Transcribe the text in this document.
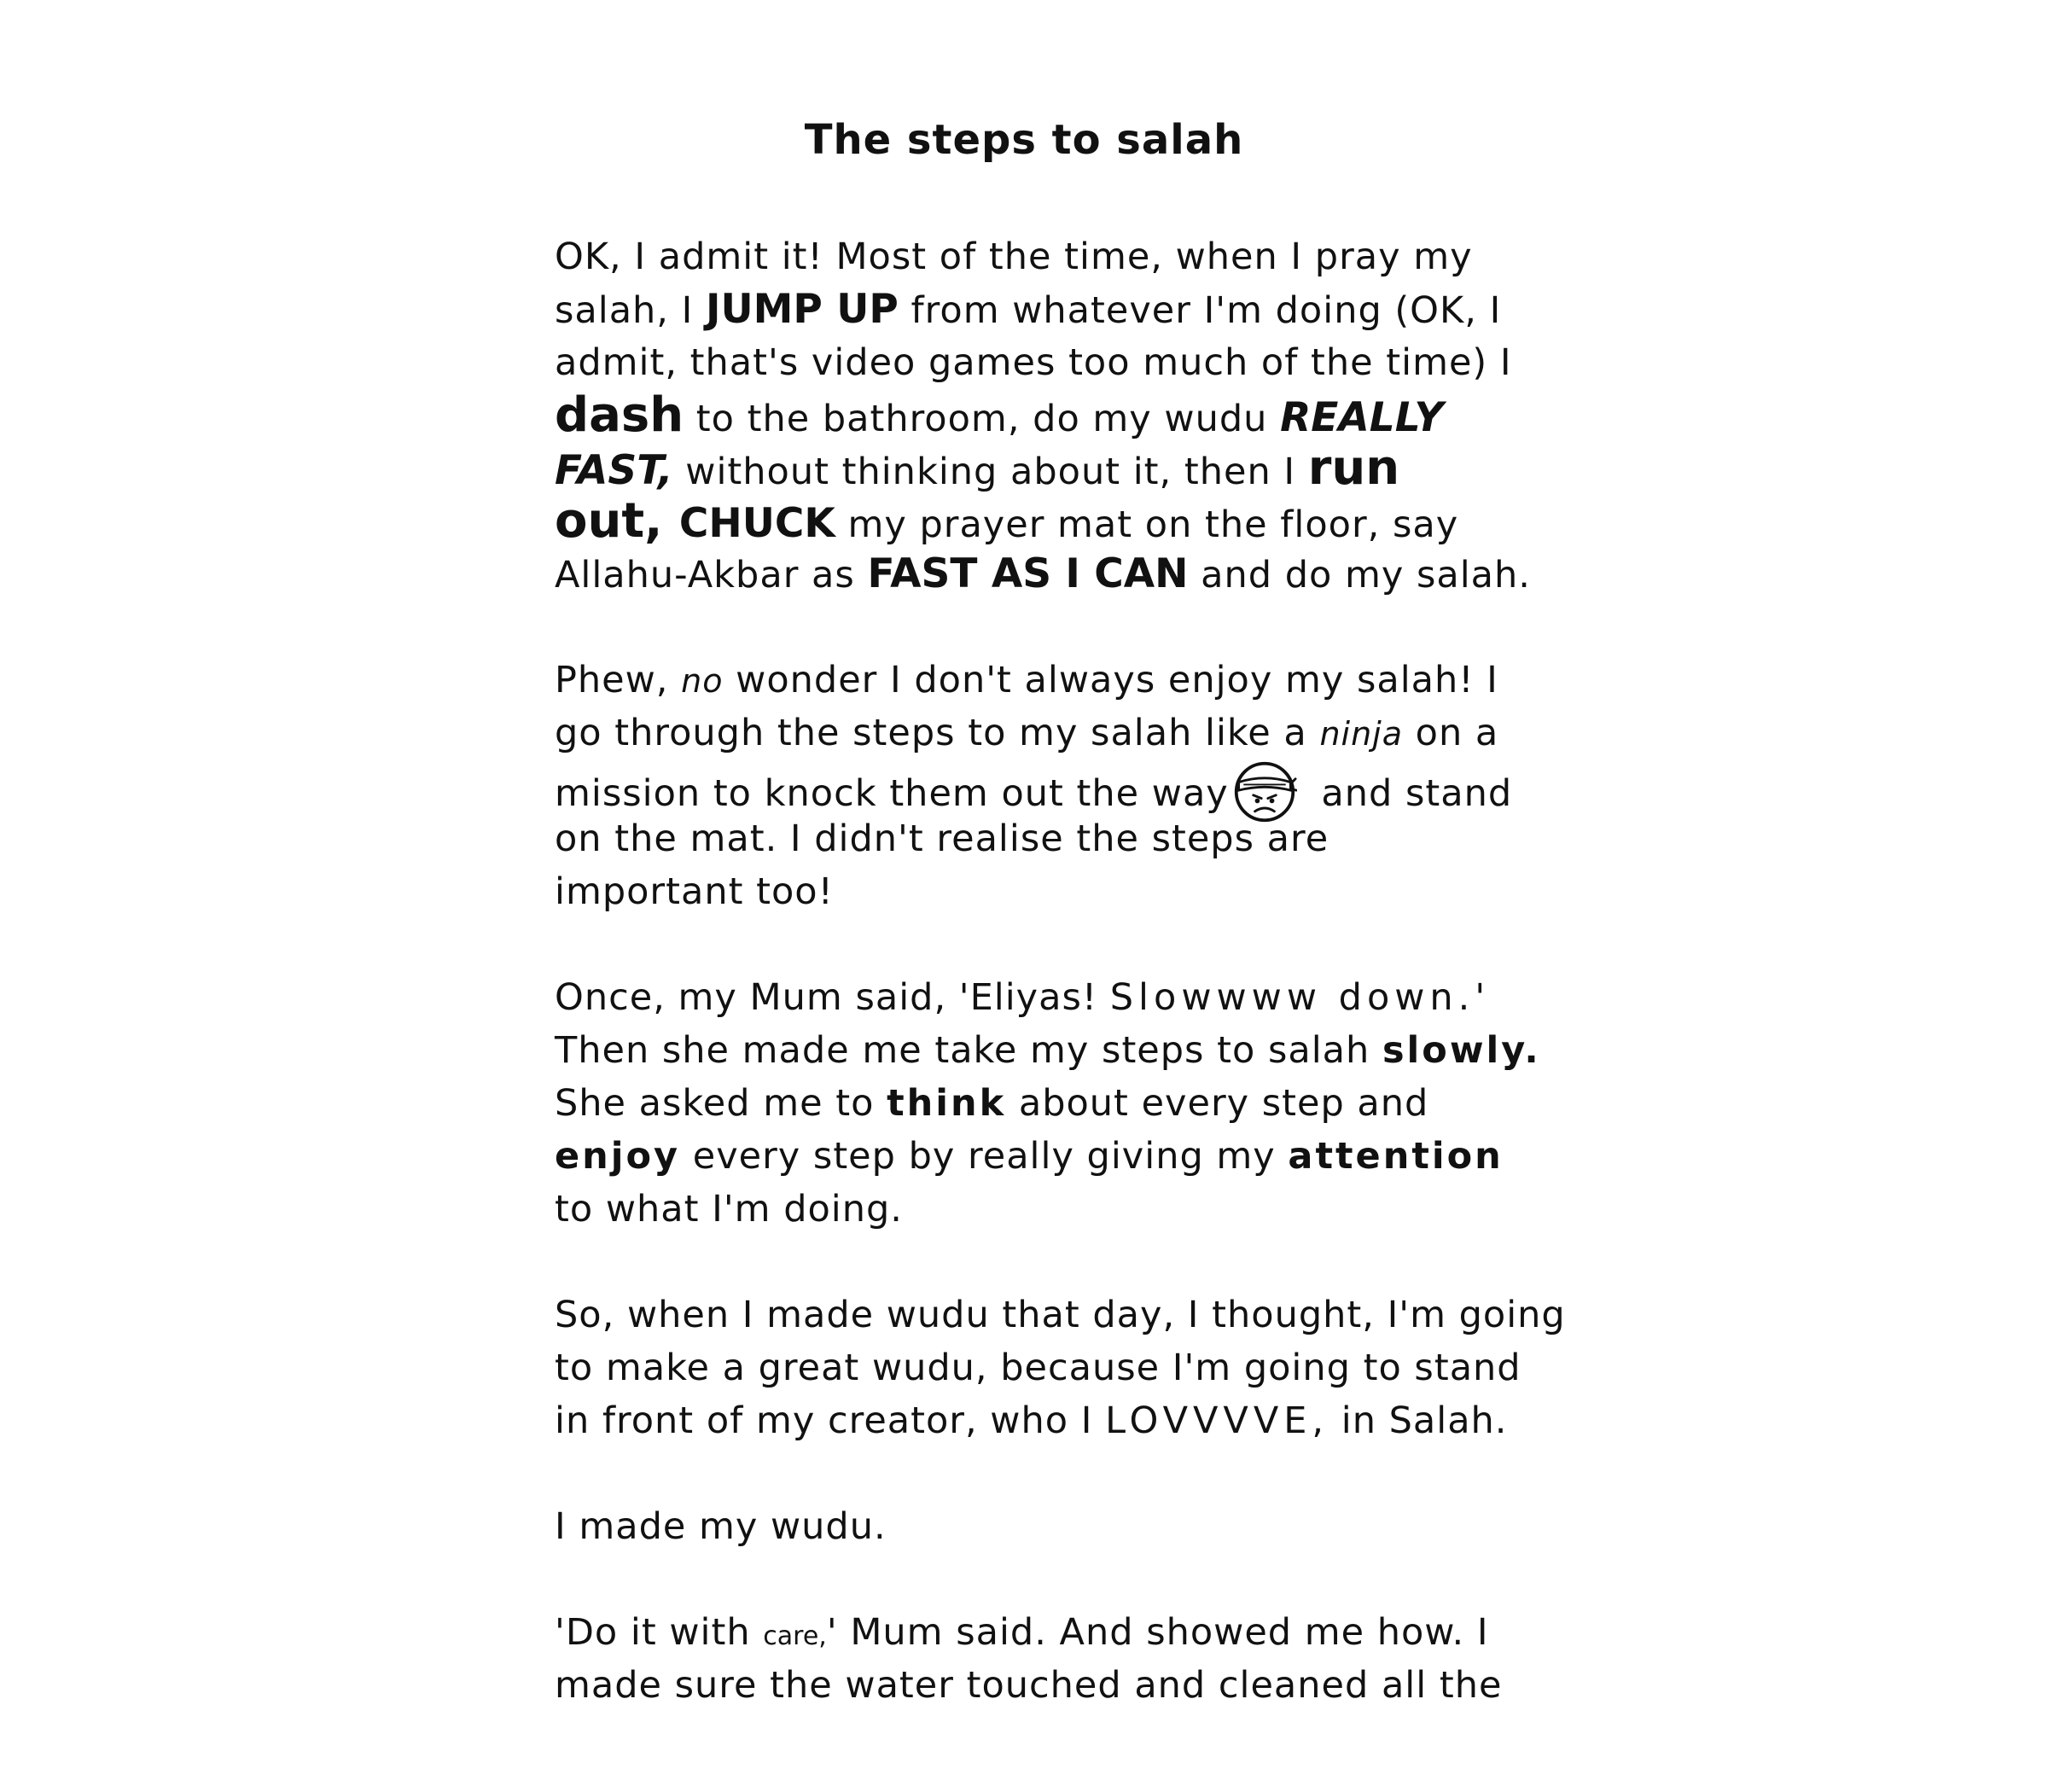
The steps to salah
OK, I admit it! Most of the time, when I pray my
salah, I JUMP UP from whatever I'm doing (OK, I
admit, that's video games too much of the time) I
dash to the bathroom, do my wudu REALLY
FAST, without thinking about it, then I run
out, CHUCK my prayer mat on the floor, say
Allahu-Akbar as FAST AS I CAN and do my salah.
Phew, no wonder I don't always enjoy my salah! I
go through the steps to my salah like a ninja on a
mission to knock them out the way and stand
on the mat. I didn't realise the steps are
important too!
Once, my Mum said, 'Eliyas! Slowwww down.'
Then she made me take my steps to salah slowly.
She asked me to think about every step and
enjoy every step by really giving my attention
to what I'm doing.
So, when I made wudu that day, I thought, I'm going
to make a great wudu, because I'm going to stand
in front of my creator, who I LOVVVVE, in Salah.
I made my wudu.
'Do it with care,' Mum said. And showed me how. I
made sure the water touched and cleaned all the
